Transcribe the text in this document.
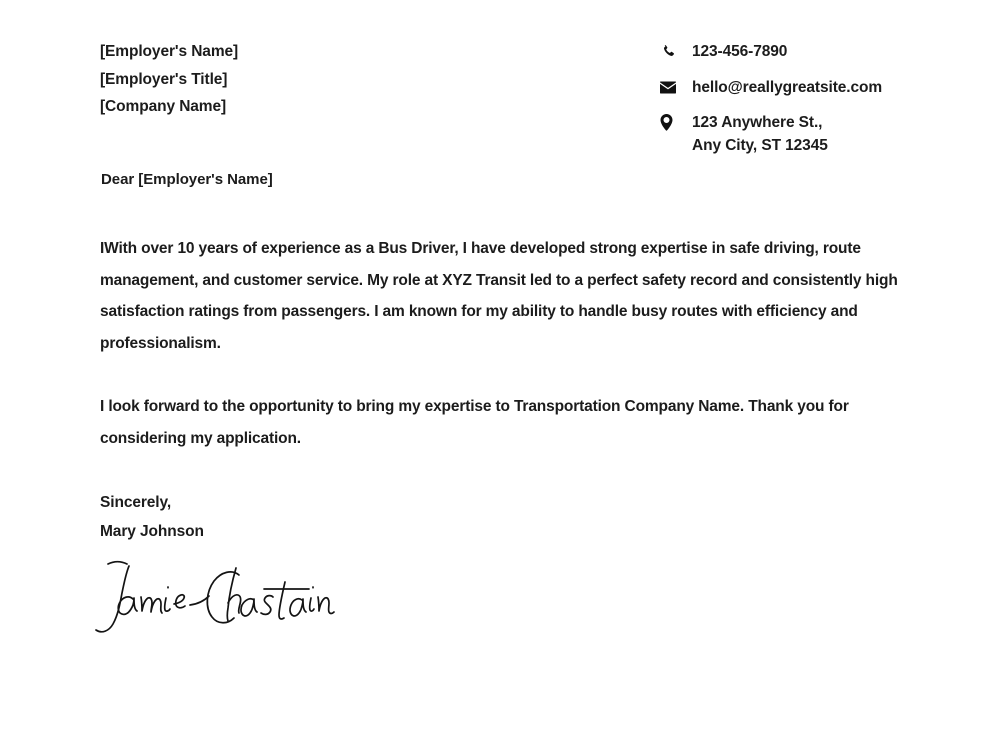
[Employer's Name]
[Employer's Title]
[Company Name]
123-456-7890
hello@reallygreatsite.com
123 Anywhere St.,
Any City, ST 12345
Dear [Employer's Name]

IWith over 10 years of experience as a Bus Driver, I have developed strong expertise in safe driving, route management, and customer service. My role at XYZ Transit led to a perfect safety record and consistently high satisfaction ratings from passengers. I am known for my ability to handle busy routes with efficiency and professionalism.

I look forward to the opportunity to bring my expertise to Transportation Company Name. Thank you for considering my application.

Sincerely,
Mary Johnson
